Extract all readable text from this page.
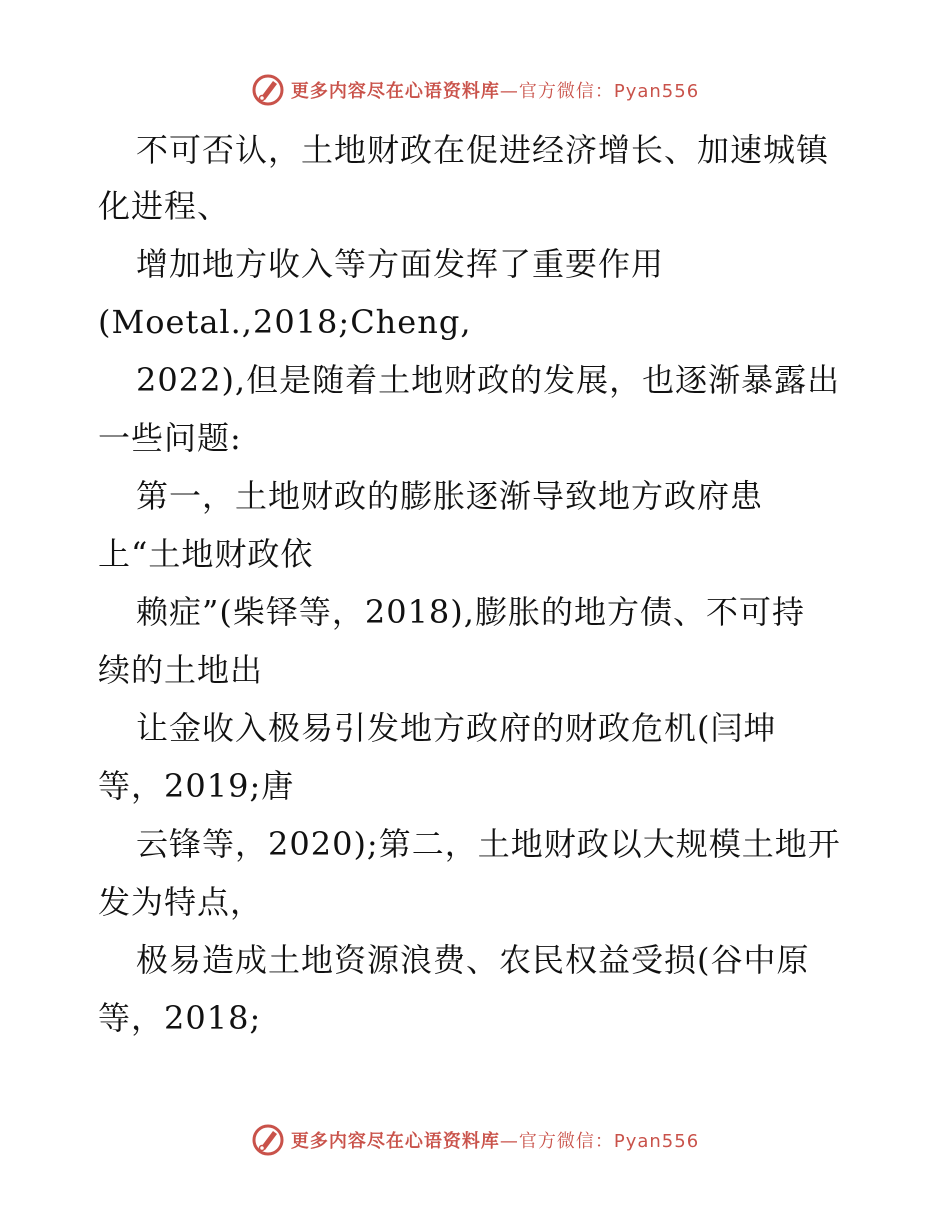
更多内容尽在心语资料库—官方微信：Pyan556
不可否认，土地财政在促进经济增长、加速城镇
化进程、
增加地方收入等方面发挥了重要作用
(Moetal.,2018;Cheng,
2022),但是随着土地财政的发展，也逐渐暴露出
一些问题:
第一，土地财政的膨胀逐渐导致地方政府患
上“土地财政依
赖症”(柴铎等，2018),膨胀的地方债、不可持
续的土地出
让金收入极易引发地方政府的财政危机(闫坤
等，2019;唐
云锋等，2020);第二，土地财政以大规模土地开
发为特点，
极易造成土地资源浪费、农民权益受损(谷中原
等，2018;
更多内容尽在心语资料库—官方微信：Pyan556
